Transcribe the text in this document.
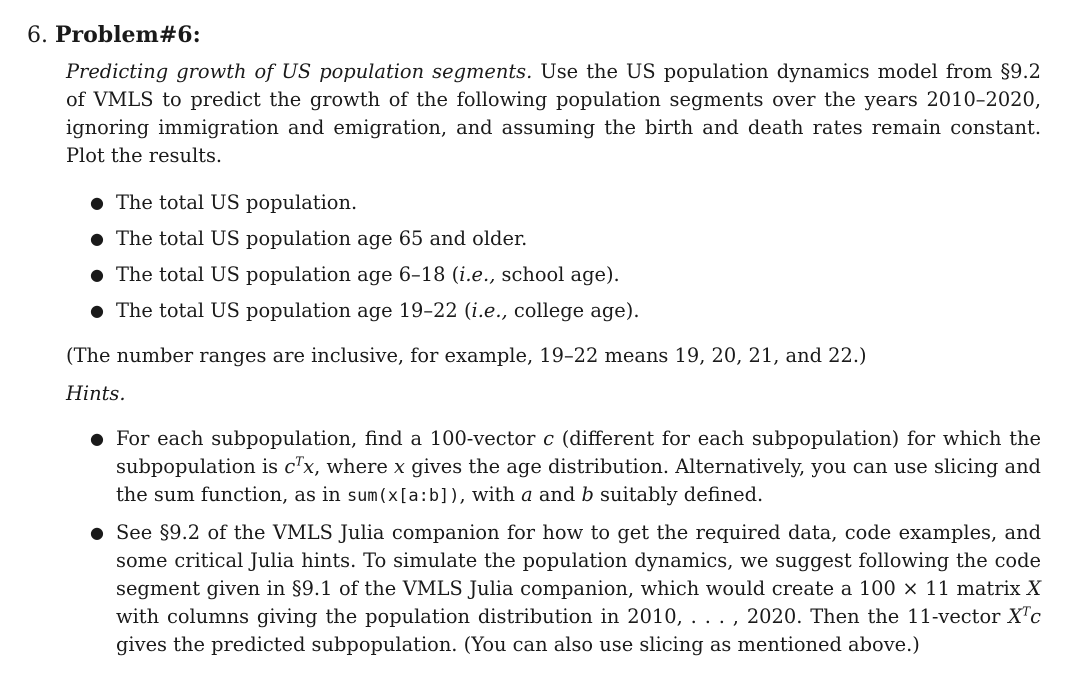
6. Problem#6:
Predicting growth of US population segments. Use the US population dynamics model from §9.2 of VMLS to predict the growth of the following population segments over the years 2010–2020, ignoring immigration and emigration, and assuming the birth and death rates remain constant. Plot the results.
● The total US population.
● The total US population age 65 and older.
● The total US population age 6–18 (i.e., school age).
● The total US population age 19–22 (i.e., college age).
(The number ranges are inclusive, for example, 19–22 means 19, 20, 21, and 22.)
Hints.
● For each subpopulation, find a 100-vector c (different for each subpopulation) for which the subpopulation is $c^Tx$, where x gives the age distribution. Alternatively, you can use slicing and the sum function, as in sum(x[a:b]), with a and b suitably defined.
● See §9.2 of the VMLS Julia companion for how to get the required data, code examples, and some critical Julia hints. To simulate the population dynamics, we suggest following the code segment given in §9.1 of the VMLS Julia companion, which would create a 100 × 11 matrix X with columns giving the population distribution in 2010, . . . , 2020. Then the 11-vector $X^Tc$ gives the predicted subpopulation. (You can also use slicing as mentioned above.)
